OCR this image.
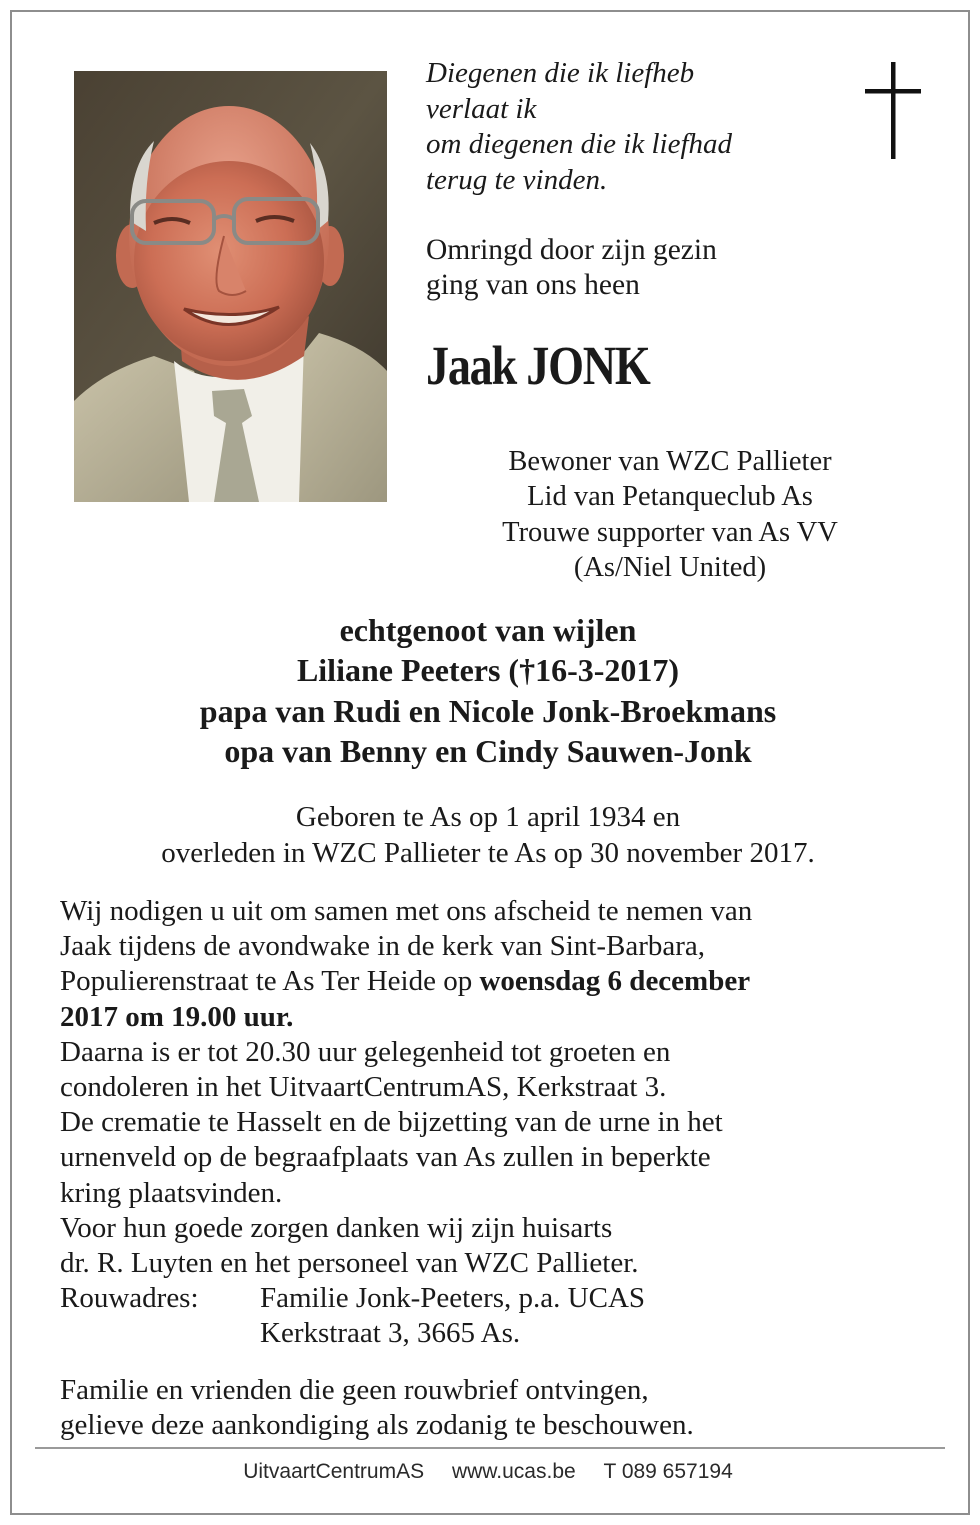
Diegenen die ik liefheb
verlaat ik
om diegenen die ik liefhad
terug te vinden.
Omringd door zijn gezin
ging van ons heen
Jaak JONK
Bewoner van WZC Pallieter
Lid van Petanqueclub As
Trouwe supporter van As VV
(As/Niel United)
echtgenoot van wijlen
Liliane Peeters (†16-3-2017)
papa van Rudi en Nicole Jonk-Broekmans
opa van Benny en Cindy Sauwen-Jonk
Geboren te As op 1 april 1934 en
overleden in WZC Pallieter te As op 30 november 2017.
Wij nodigen u uit om samen met ons afscheid te nemen van
Jaak tijdens de avondwake in de kerk van Sint-Barbara,
Populierenstraat te As Ter Heide op woensdag 6 december
2017 om 19.00 uur.
Daarna is er tot 20.30 uur gelegenheid tot groeten en
condoleren in het UitvaartCentrumAS, Kerkstraat 3.
De crematie te Hasselt en de bijzetting van de urne in het
urnenveld op de begraafplaats van As zullen in beperkte
kring plaatsvinden.
Voor hun goede zorgen danken wij zijn huisarts
dr. R. Luyten en het personeel van WZC Pallieter.
Rouwadres:	Familie Jonk-Peeters, p.a. UCAS
Kerkstraat 3, 3665 As.
Familie en vrienden die geen rouwbrief ontvingen,
gelieve deze aankondiging als zodanig te beschouwen.
UitvaartCentrumAS www.ucas.be T 089 657194
